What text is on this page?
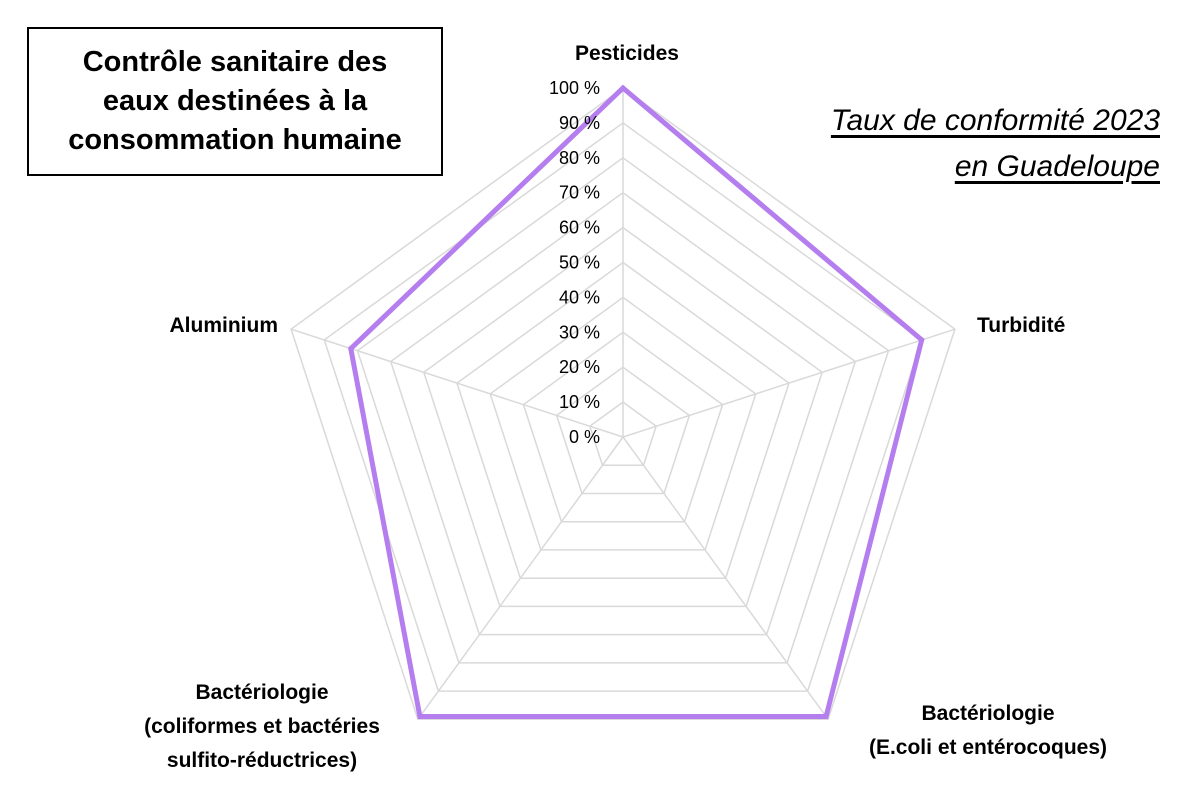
Contrôle sanitaire des
eaux destinées à la
consommation humaine
Taux de conformité 2023
en Guadeloupe
0 %
10 %
20 %
30 %
40 %
50 %
60 %
70 %
80 %
90 %
100 %
Pesticides
Turbidité
Bactériologie
(E.coli et entérocoques)
Bactériologie
(coliformes et bactéries
sulfito-réductrices)
Aluminium
